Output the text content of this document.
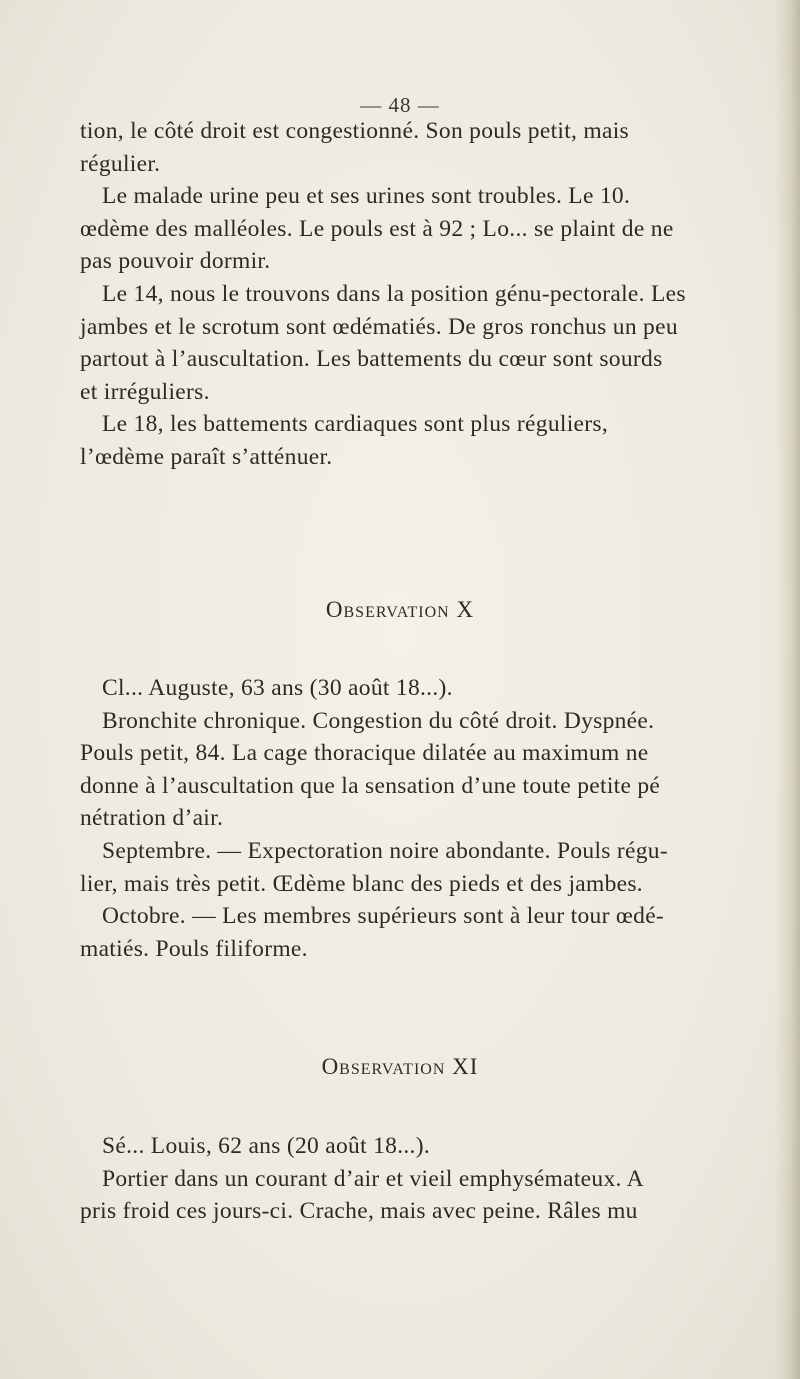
— 48 —
tion, le côté droit est congestionné. Son pouls petit, mais
régulier.
Le malade urine peu et ses urines sont troubles. Le 10.
œdème des malléoles. Le pouls est à 92 ; Lo... se plaint de ne
pas pouvoir dormir.
Le 14, nous le trouvons dans la position génu-pectorale. Les
jambes et le scrotum sont œdématiés. De gros ronchus un peu
partout à l’auscultation. Les battements du cœur sont sourds
et irréguliers.
Le 18, les battements cardiaques sont plus réguliers,
l’œdème paraît s’atténuer.
Observation X
Cl... Auguste, 63 ans (30 août 18...).
Bronchite chronique. Congestion du côté droit. Dyspnée.
Pouls petit, 84. La cage thoracique dilatée au maximum ne
donne à l’auscultation que la sensation d’une toute petite pé
nétration d’air.
Septembre. — Expectoration noire abondante. Pouls régu-
lier, mais très petit. Œdème blanc des pieds et des jambes.
Octobre. — Les membres supérieurs sont à leur tour œdé-
matiés. Pouls filiforme.
Observation XI
Sé... Louis, 62 ans (20 août 18...).
Portier dans un courant d’air et vieil emphysémateux. A
pris froid ces jours-ci. Crache, mais avec peine. Râles mu
